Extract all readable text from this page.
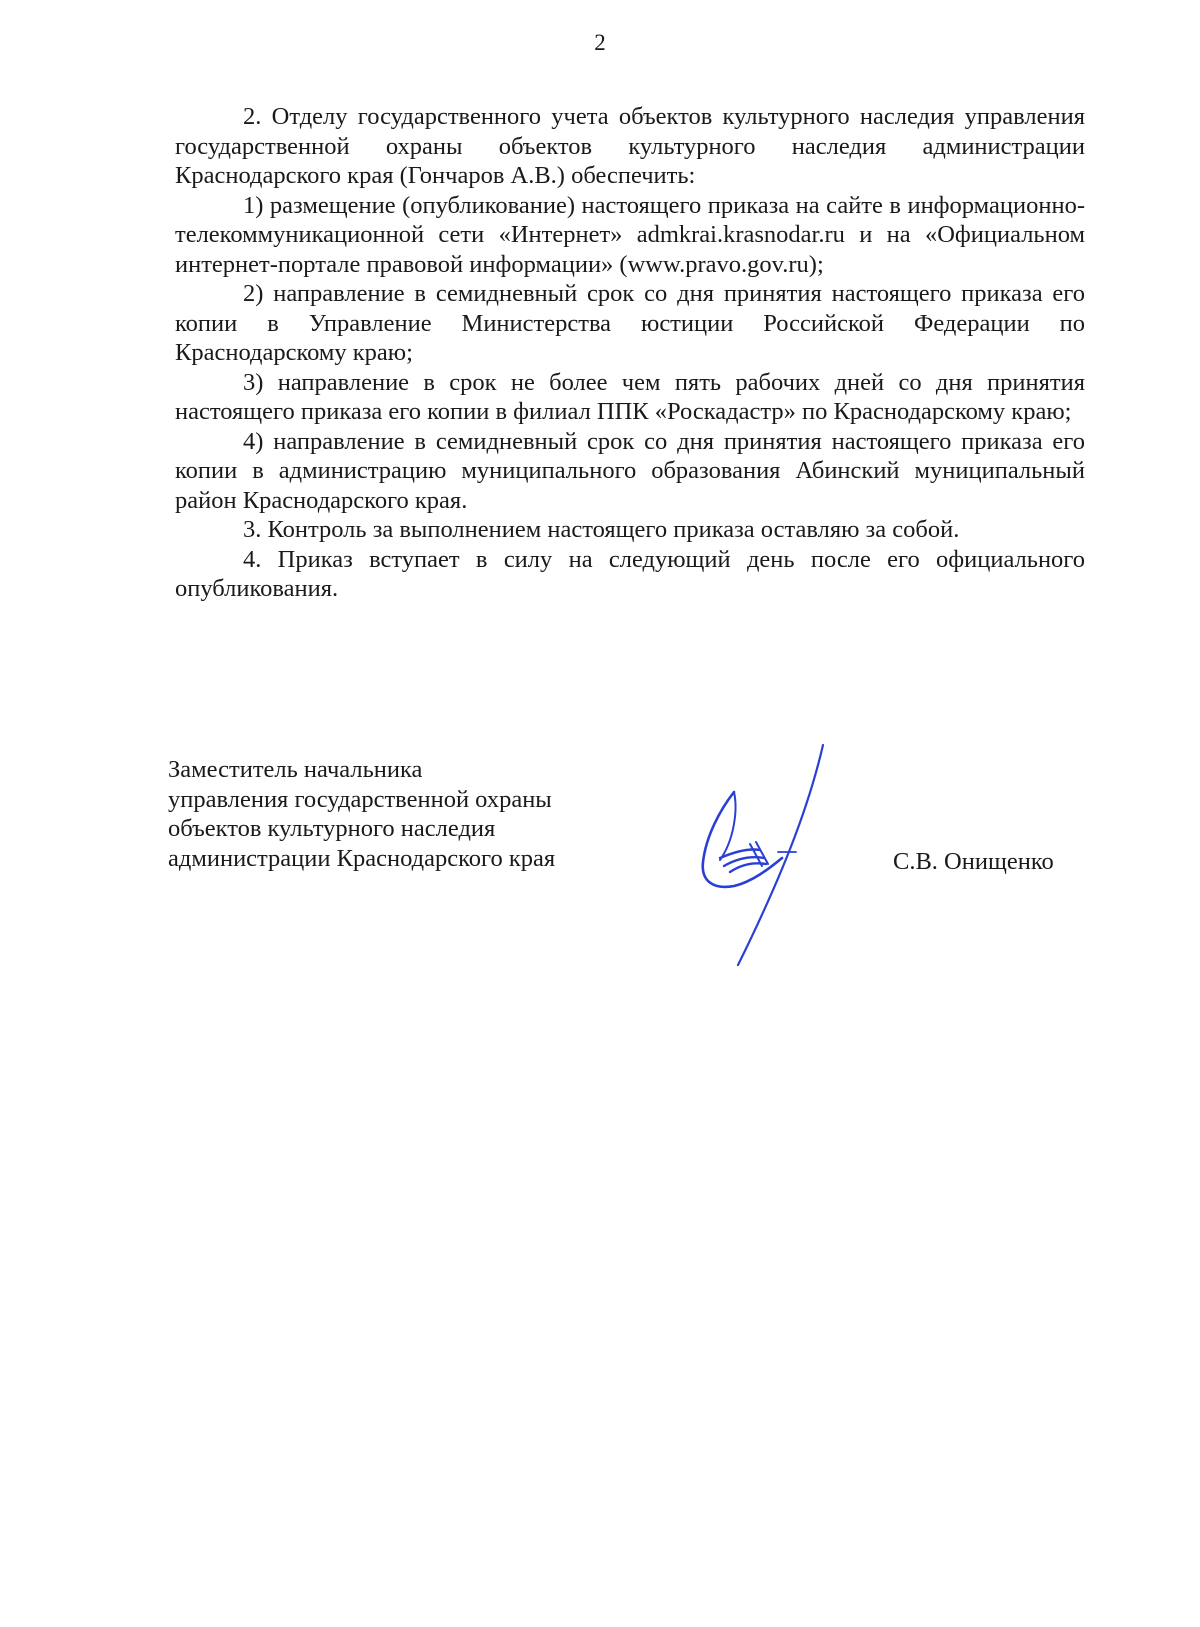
2

2. Отделу государственного учета объектов культурного наследия управления государственной охраны объектов культурного наследия администрации Краснодарского края (Гончаров А.В.) обеспечить:

1) размещение (опубликование) настоящего приказа на сайте в информационно-телекоммуникационной сети «Интернет» admkrai.krasnodar.ru и на «Официальном интернет-портале правовой информации» (www.pravo.gov.ru);

2) направление в семидневный срок со дня принятия настоящего приказа его копии в Управление Министерства юстиции Российской Федерации по Краснодарскому краю;

3) направление в срок не более чем пять рабочих дней со дня принятия настоящего приказа его копии в филиал ППК «Роскадастр» по Краснодарскому краю;

4) направление в семидневный срок со дня принятия настоящего приказа его копии в администрацию муниципального образования Абинский муниципальный район Краснодарского края.

3. Контроль за выполнением настоящего приказа оставляю за собой.

4. Приказ вступает в силу на следующий день после его официального опубликования.

Заместитель начальника
управления государственной охраны
объектов культурного наследия
администрации Краснодарского края	С.В. Онищенко
